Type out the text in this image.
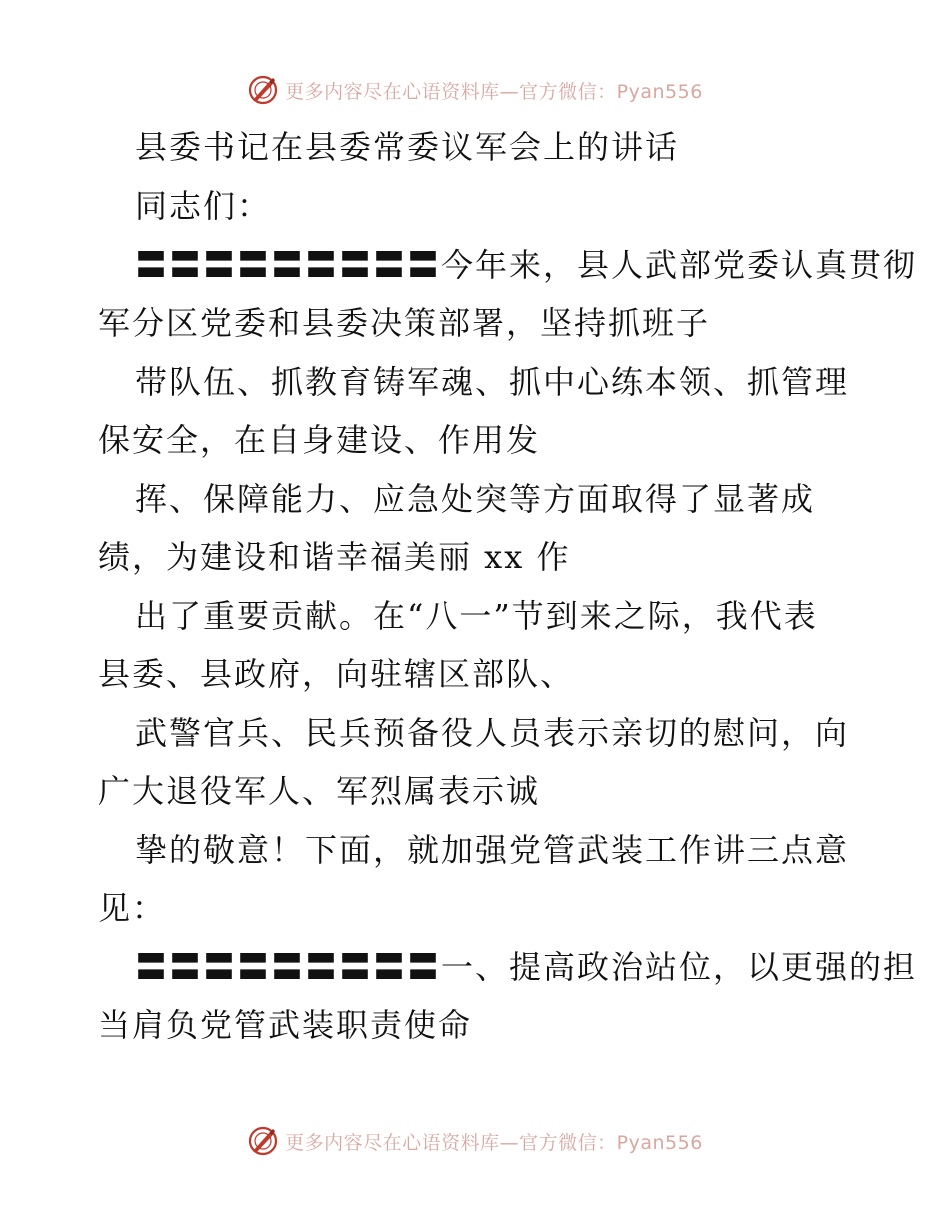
更多内容尽在心语资料库—官方微信：Pyan556
县委书记在县委常委议军会上的讲话
同志们：
〓〓〓〓〓〓〓〓〓今年来，县人武部党委认真贯彻
军分区党委和县委决策部署，坚持抓班子
带队伍、抓教育铸军魂、抓中心练本领、抓管理
保安全，在自身建设、作用发
挥、保障能力、应急处突等方面取得了显著成
绩，为建设和谐幸福美丽 xx 作
出了重要贡献。在“八一”节到来之际，我代表
县委、县政府，向驻辖区部队、
武警官兵、民兵预备役人员表示亲切的慰问，向
广大退役军人、军烈属表示诚
挚的敬意！下面，就加强党管武装工作讲三点意
见：
〓〓〓〓〓〓〓〓〓一、提高政治站位，以更强的担
当肩负党管武装职责使命
更多内容尽在心语资料库—官方微信：Pyan556
